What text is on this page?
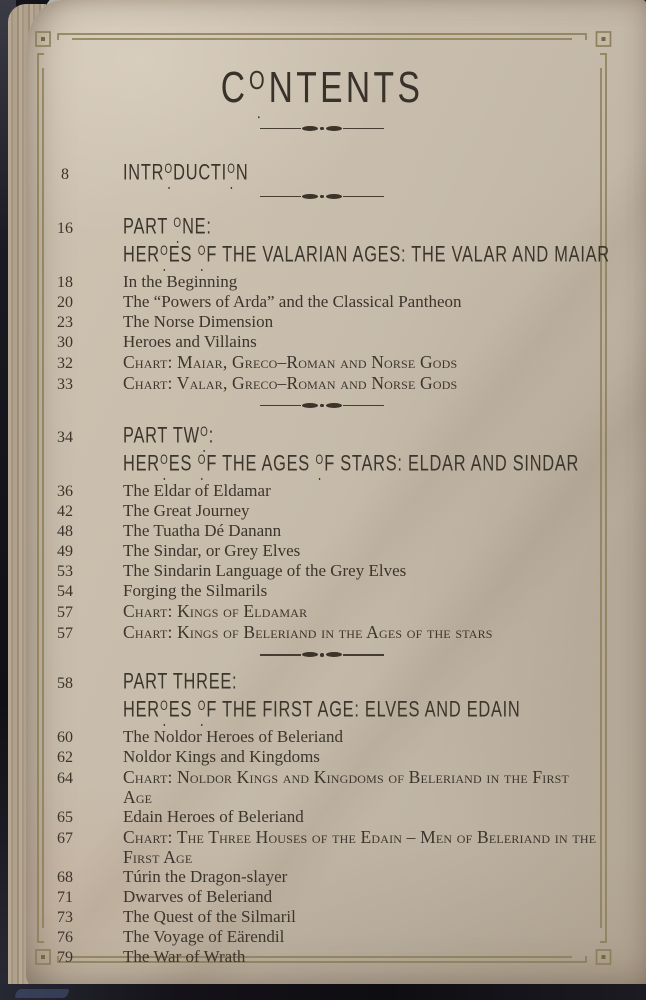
CONTENTS
8	INTRODUCTION
16	PART ONE:
HEROES OF THE VALARIAN AGES: THE VALAR AND MAIAR
18	In the Beginning
20	The “Powers of Arda” and the Classical Pantheon
23	The Norse Dimension
30	Heroes and Villains
32	Chart: Maiar, Greco–Roman and Norse Gods
33	Chart: Valar, Greco–Roman and Norse Gods
34	PART TWO:
HEROES OF THE AGES OF STARS: ELDAR AND SINDAR
36	The Eldar of Eldamar
42	The Great Journey
48	The Tuatha Dé Danann
49	The Sindar, or Grey Elves
53	The Sindarin Language of the Grey Elves
54	Forging the Silmarils
57	Chart: Kings of Eldamar
57	Chart: Kings of Beleriand in the Ages of the stars
58	PART THREE:
HEROES OF THE FIRST AGE: ELVES AND EDAIN
60	The Noldor Heroes of Beleriand
62	Noldor Kings and Kingdoms
64	Chart: Noldor Kings and Kingdoms of Beleriand in the First Age
65	Edain Heroes of Beleriand
67	Chart: The Three Houses of the Edain – Men of Beleriand in the First Age
68	Túrin the Dragon-slayer
71	Dwarves of Beleriand
73	The Quest of the Silmaril
76	The Voyage of Eärendil
79	The War of Wrath
